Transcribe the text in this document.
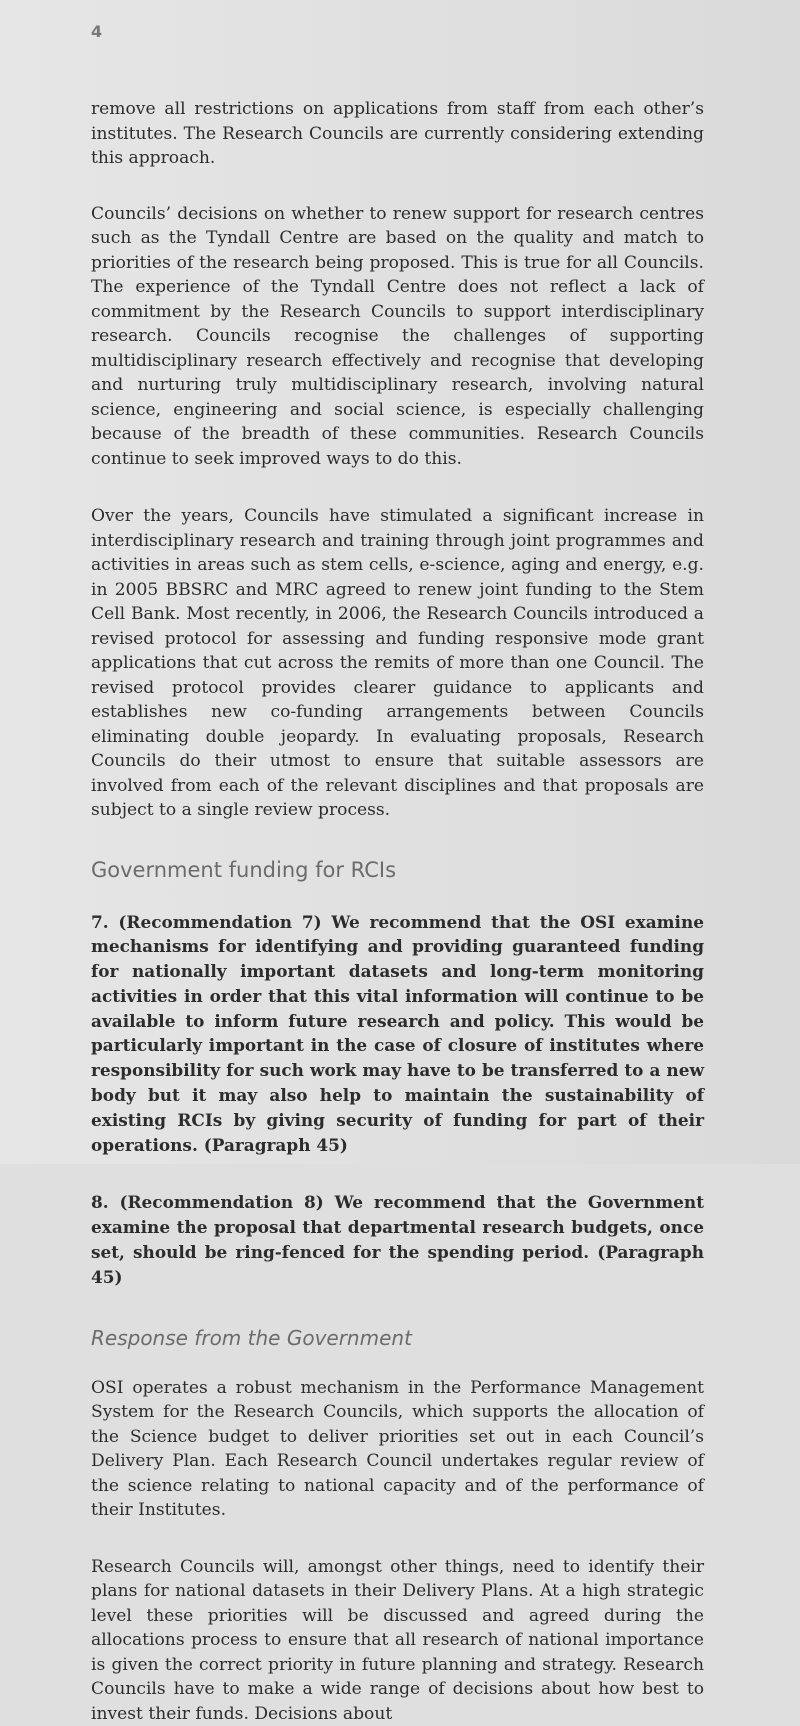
4

remove all restrictions on applications from staff from each other’s institutes. The Research Councils are currently considering extending this approach.

Councils’ decisions on whether to renew support for research centres such as the Tyndall Centre are based on the quality and match to priorities of the research being proposed. This is true for all Councils. The experience of the Tyndall Centre does not reflect a lack of commitment by the Research Councils to support interdisciplinary research. Councils recognise the challenges of supporting multidisciplinary research effectively and recognise that developing and nurturing truly multidisciplinary research, involving natural science, engineering and social science, is especially challenging because of the breadth of these communities. Research Councils continue to seek improved ways to do this.

Over the years, Councils have stimulated a significant increase in interdisciplinary research and training through joint programmes and activities in areas such as stem cells, e-science, aging and energy, e.g. in 2005 BBSRC and MRC agreed to renew joint funding to the Stem Cell Bank. Most recently, in 2006, the Research Councils introduced a revised protocol for assessing and funding responsive mode grant applications that cut across the remits of more than one Council. The revised protocol provides clearer guidance to applicants and establishes new co-funding arrangements between Councils eliminating double jeopardy. In evaluating proposals, Research Councils do their utmost to ensure that suitable assessors are involved from each of the relevant disciplines and that proposals are subject to a single review process.

Government funding for RCIs

7. (Recommendation 7) We recommend that the OSI examine mechanisms for identifying and providing guaranteed funding for nationally important datasets and long-term monitoring activities in order that this vital information will continue to be available to inform future research and policy. This would be particularly important in the case of closure of institutes where responsibility for such work may have to be transferred to a new body but it may also help to maintain the sustainability of existing RCIs by giving security of funding for part of their operations. (Paragraph 45)

8. (Recommendation 8) We recommend that the Government examine the proposal that departmental research budgets, once set, should be ring-fenced for the spending period. (Paragraph 45)

Response from the Government

OSI operates a robust mechanism in the Performance Management System for the Research Councils, which supports the allocation of the Science budget to deliver priorities set out in each Council’s Delivery Plan. Each Research Council undertakes regular review of the science relating to national capacity and of the performance of their Institutes.

Research Councils will, amongst other things, need to identify their plans for national datasets in their Delivery Plans. At a high strategic level these priorities will be discussed and agreed during the allocations process to ensure that all research of national importance is given the correct priority in future planning and strategy. Research Councils have to make a wide range of decisions about how best to invest their funds. Decisions about
